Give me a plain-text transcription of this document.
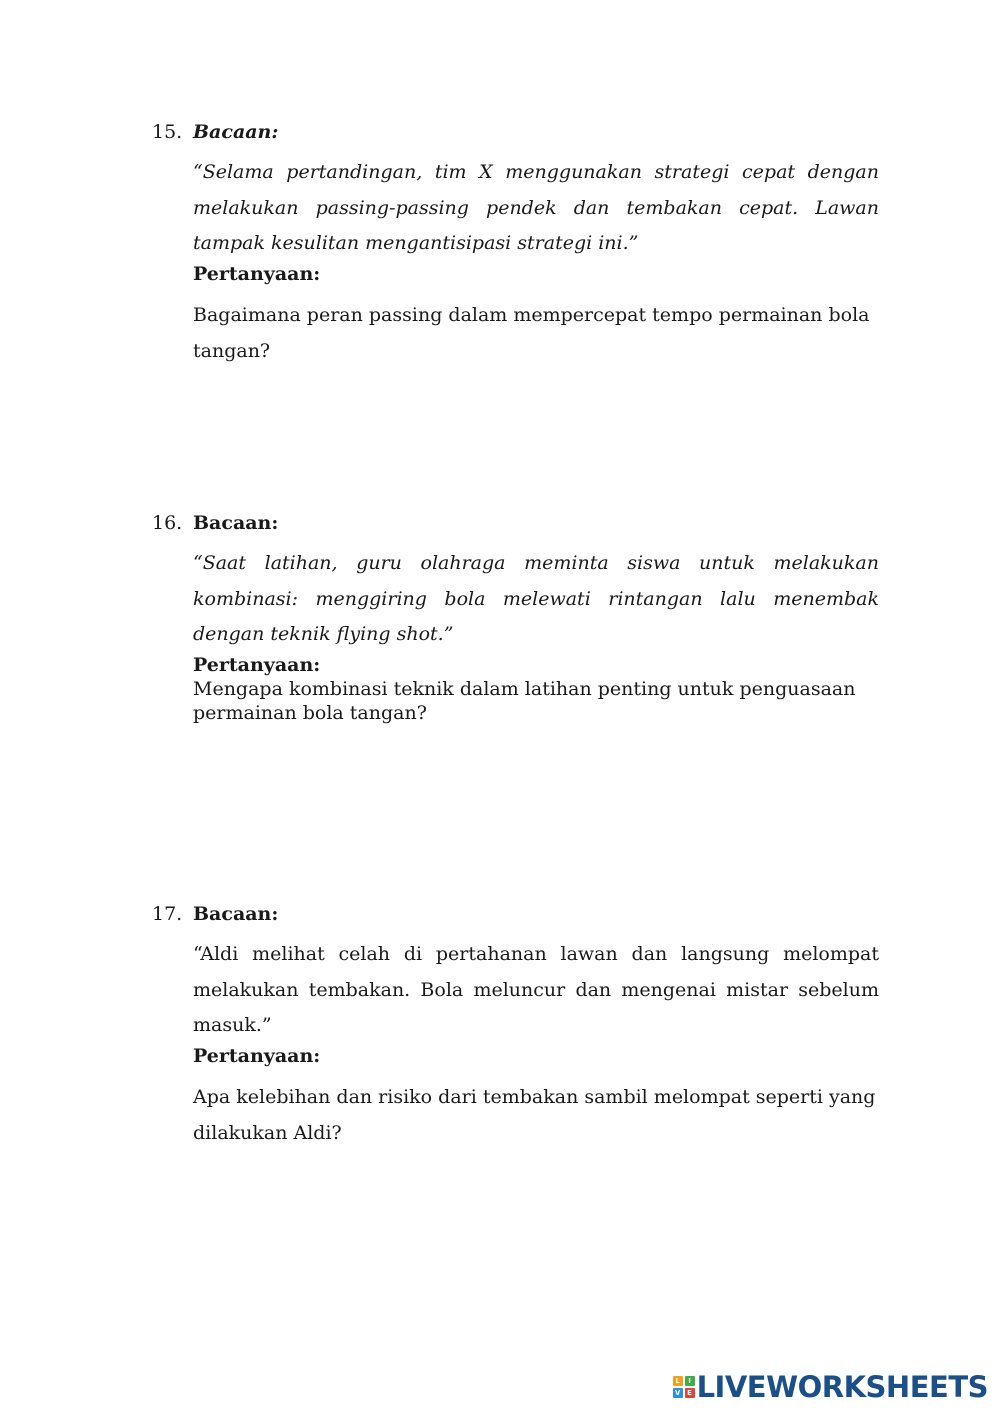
15. Bacaan:
“Selama pertandingan, tim X menggunakan strategi cepat dengan melakukan passing-passing pendek dan tembakan cepat. Lawan tampak kesulitan mengantisipasi strategi ini.”
Pertanyaan:
Bagaimana peran passing dalam mempercepat tempo permainan bola tangan?
16. Bacaan:
“Saat latihan, guru olahraga meminta siswa untuk melakukan kombinasi: menggiring bola melewati rintangan lalu menembak dengan teknik flying shot.”
Pertanyaan:
Mengapa kombinasi teknik dalam latihan penting untuk penguasaan permainan bola tangan?
17. Bacaan:
“Aldi melihat celah di pertahanan lawan dan langsung melompat melakukan tembakan. Bola meluncur dan mengenai mistar sebelum masuk.”
Pertanyaan:
Apa kelebihan dan risiko dari tembakan sambil melompat seperti yang dilakukan Aldi?
L	I
V E LIVEWORKSHEETS
